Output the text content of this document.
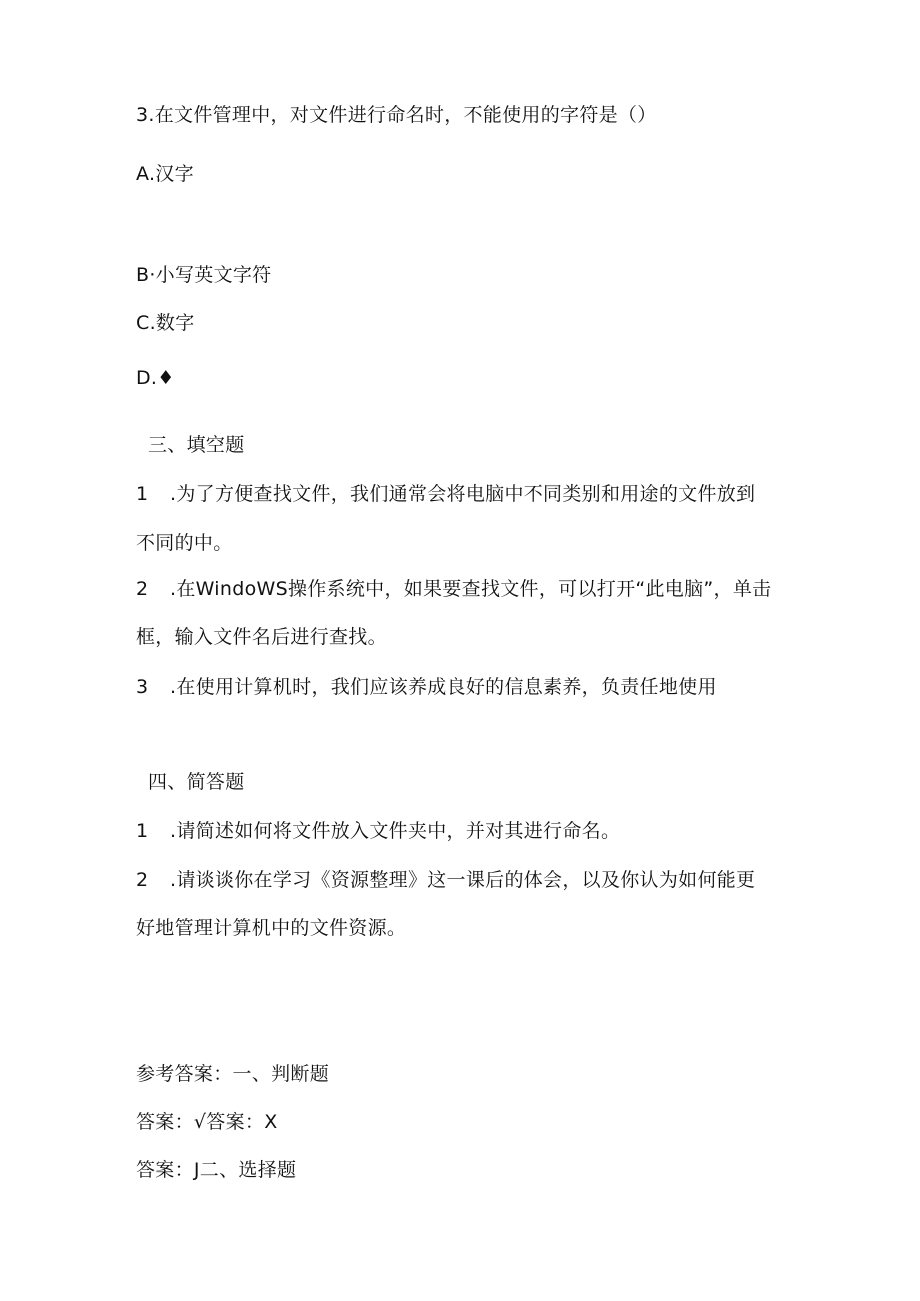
3.在文件管理中，对文件进行命名时，不能使用的字符是（）
A.汉字
B·小写英文字符
C.数字
D.♦
三、填空题
1 .为了方便查找文件，我们通常会将电脑中不同类别和用途的文件放到
不同的中。
2 .在WindoWS操作系统中，如果要查找文件，可以打开“此电脑”，单击
框，输入文件名后进行查找。
3 .在使用计算机时，我们应该养成良好的信息素养，负责任地使用
四、简答题
1 .请简述如何将文件放入文件夹中，并对其进行命名。
2 .请谈谈你在学习《资源整理》这一课后的体会，以及你认为如何能更
好地管理计算机中的文件资源。
参考答案：一、判断题
答案：√答案：X
答案：J二、选择题
